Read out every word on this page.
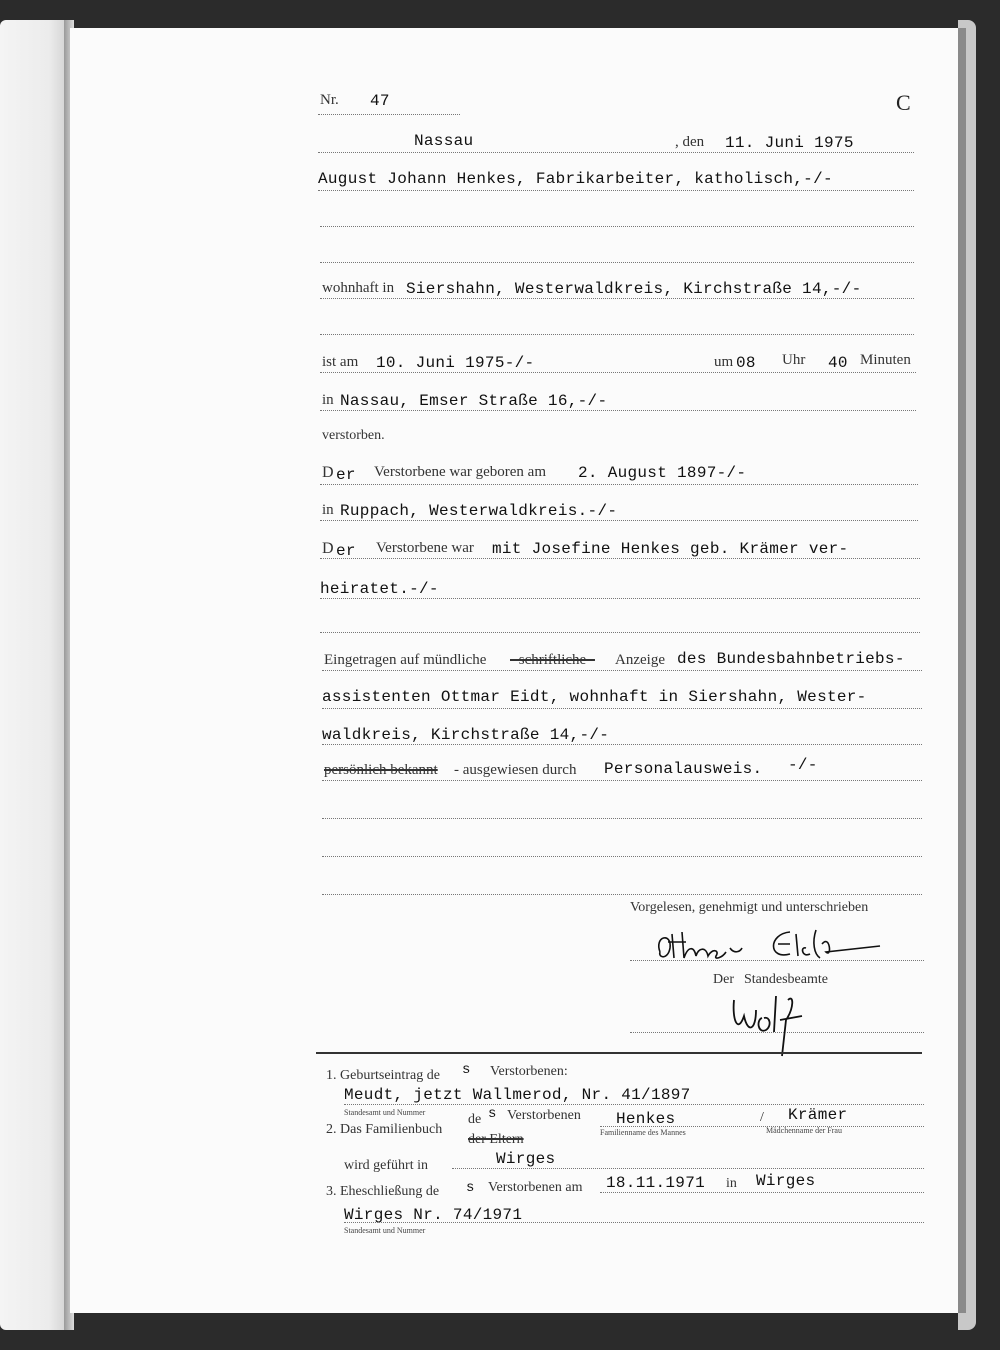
Nr. 47	C
Nassau	, den 11. Juni 1975
August Johann Henkes, Fabrikarbeiter, katholisch,-/-
wohnhaft in Siershahn, Westerwaldkreis, Kirchstraße 14,-/-
ist am 10. Juni 1975-/-	um 08 Uhr 40 Minuten
in Nassau, Emser Straße 16,-/-
verstorben.
D er Verstorbene war geboren am 2. August 1897-/-
in Ruppach, Westerwaldkreis.-/-
D er Verstorbene war mit Josefine Henkes geb. Krämer ver-
heiratet.-/-
Eingetragen auf mündliche - schriftliche - Anzeige des Bundesbahnbetriebs-
assistenten Ottmar Eidt, wohnhaft in Siershahn, Wester-
waldkreis, Kirchstraße 14,-/-
persönlich bekannt - ausgewiesen durch Personalausweis. -/-
Vorgelesen, genehmigt und unterschrieben
Der Standesbeamte
1. Geburtseintrag de s Verstorbenen:
Meudt, jetzt Wallmerod, Nr. 41/1897
Standesamt und Nummer
2. Das Familienbuch
de s Verstorbenen
der Eltern
Henkes
Familienname des Mannes
/ Krämer
Mädchenname der Frau
wird geführt in	Wirges
3. Eheschließung de s Verstorbenen am 18.11.1971 in Wirges
Wirges Nr. 74/1971
Standesamt und Nummer
